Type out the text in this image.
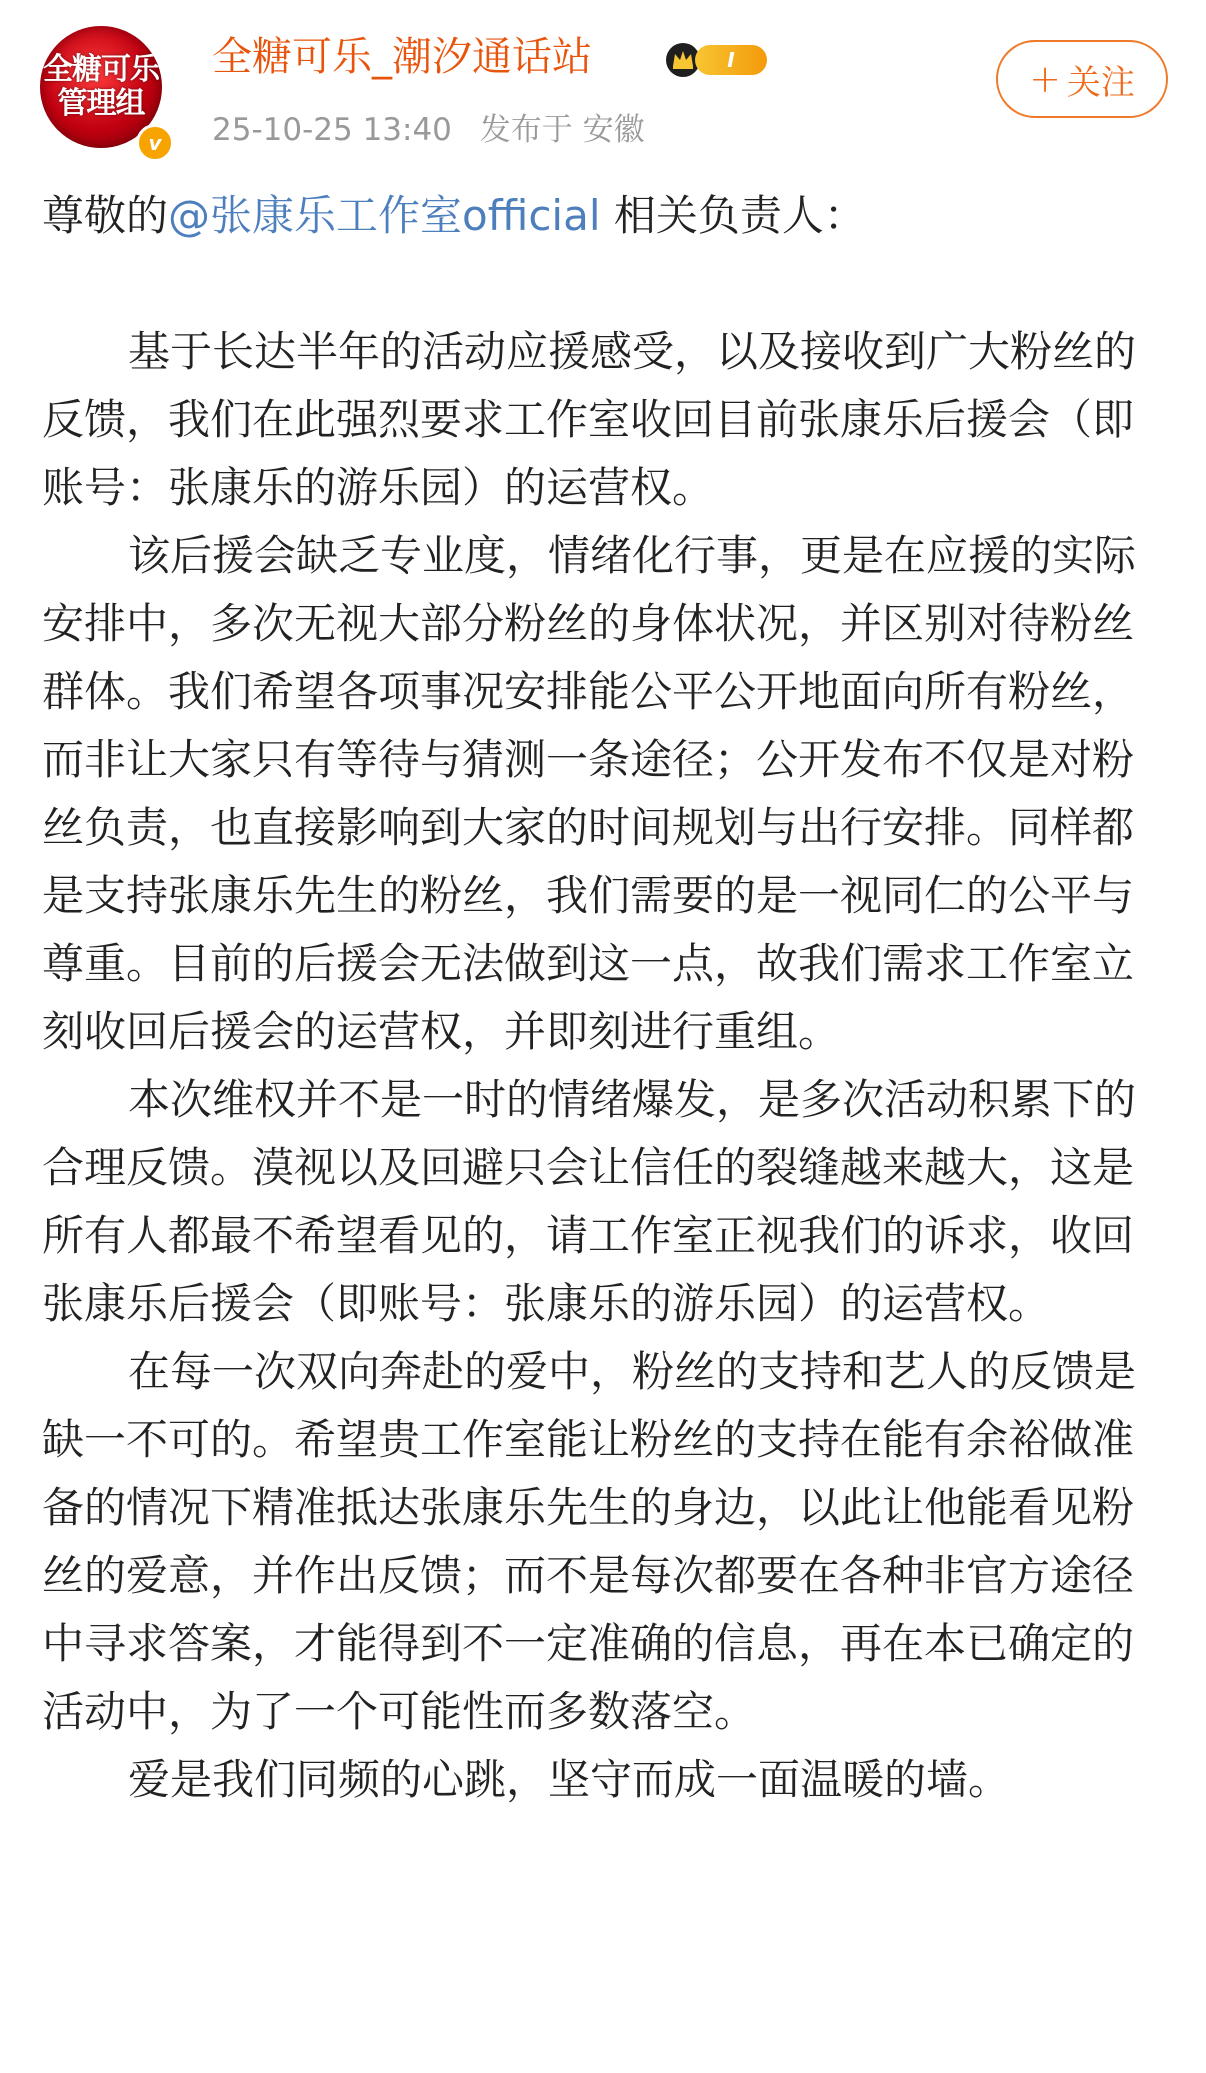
全糖可乐
管理组
v
全糖可乐_潮汐通话站	I
25-10-25 13:40 发布于 安徽
+ 关注

尊敬的@张康乐工作室official 相关负责人：

基于长达半年的活动应援感受，以及接收到广大粉丝的反馈，我们在此强烈要求工作室收回目前张康乐后援会（即账号：张康乐的游乐园）的运营权。

该后援会缺乏专业度，情绪化行事，更是在应援的实际安排中，多次无视大部分粉丝的身体状况，并区别对待粉丝群体。我们希望各项事况安排能公平公开地面向所有粉丝，而非让大家只有等待与猜测一条途径；公开发布不仅是对粉丝负责，也直接影响到大家的时间规划与出行安排。同样都是支持张康乐先生的粉丝，我们需要的是一视同仁的公平与尊重。目前的后援会无法做到这一点，故我们需求工作室立刻收回后援会的运营权，并即刻进行重组。

本次维权并不是一时的情绪爆发，是多次活动积累下的合理反馈。漠视以及回避只会让信任的裂缝越来越大，这是所有人都最不希望看见的，请工作室正视我们的诉求，收回张康乐后援会（即账号：张康乐的游乐园）的运营权。

在每一次双向奔赴的爱中，粉丝的支持和艺人的反馈是缺一不可的。希望贵工作室能让粉丝的支持在能有余裕做准备的情况下精准抵达张康乐先生的身边，以此让他能看见粉丝的爱意，并作出反馈；而不是每次都要在各种非官方途径中寻求答案，才能得到不一定准确的信息，再在本已确定的活动中，为了一个可能性而多数落空。

爱是我们同频的心跳，坚守而成一面温暖的墙。
